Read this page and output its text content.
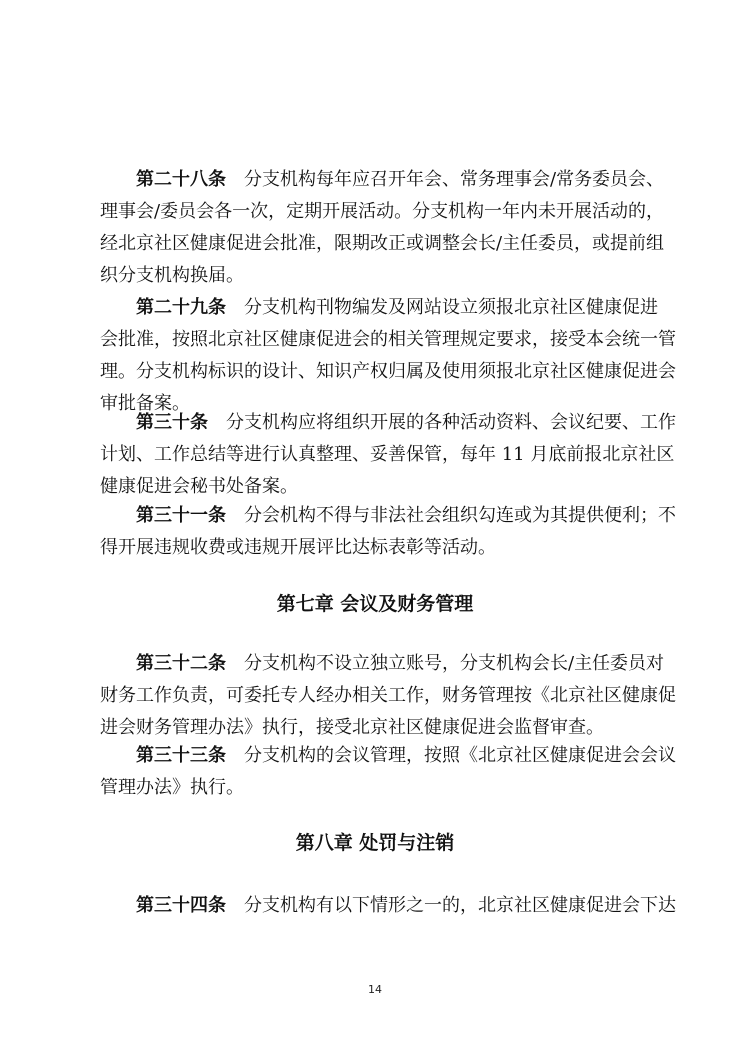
第二十八条 分支机构每年应召开年会、常务理事会/常务委员会、
理事会/委员会各一次，定期开展活动。分支机构一年内未开展活动的，
经北京社区健康促进会批准，限期改正或调整会长/主任委员，或提前组
织分支机构换届。
第二十九条 分支机构刊物编发及网站设立须报北京社区健康促进
会批准，按照北京社区健康促进会的相关管理规定要求，接受本会统一管
理。分支机构标识的设计、知识产权归属及使用须报北京社区健康促进会
审批备案。
第三十条 分支机构应将组织开展的各种活动资料、会议纪要、工作
计划、工作总结等进行认真整理、妥善保管，每年 11 月底前报北京社区
健康促进会秘书处备案。
第三十一条 分会机构不得与非法社会组织勾连或为其提供便利；不
得开展违规收费或违规开展评比达标表彰等活动。
第七章 会议及财务管理
第三十二条 分支机构不设立独立账号，分支机构会长/主任委员对
财务工作负责，可委托专人经办相关工作，财务管理按《北京社区健康促
进会财务管理办法》执行，接受北京社区健康促进会监督审查。
第三十三条 分支机构的会议管理，按照《北京社区健康促进会会议
管理办法》执行。
第八章 处罚与注销
第三十四条 分支机构有以下情形之一的，北京社区健康促进会下达
14
